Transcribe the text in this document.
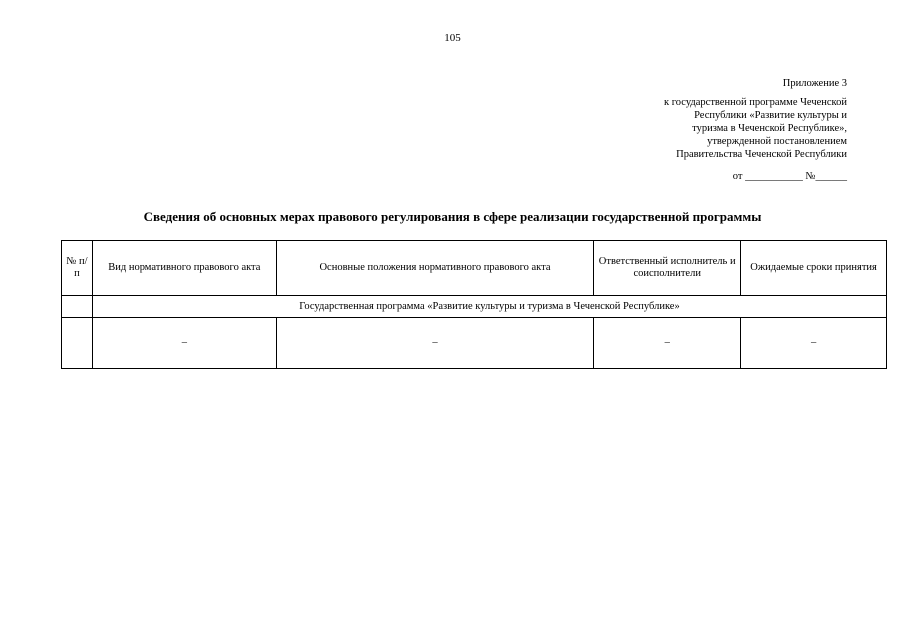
105
Приложение 3
к государственной программе Чеченской
Республики «Развитие культуры и
туризма в Чеченской Республике»,
утвержденной постановлением
Правительства Чеченской Республики
от ___________ №______
Сведения об основных мерах правового регулирования в сфере реализации государственной программы
№ п/п	Вид нормативного правового акта	Основные положения нормативного правового акта	Ответственный исполнитель и соисполнители	Ожидаемые сроки принятия
	Государственная программа «Развитие культуры и туризма в Чеченской Республике»			
	–	–	–	–
